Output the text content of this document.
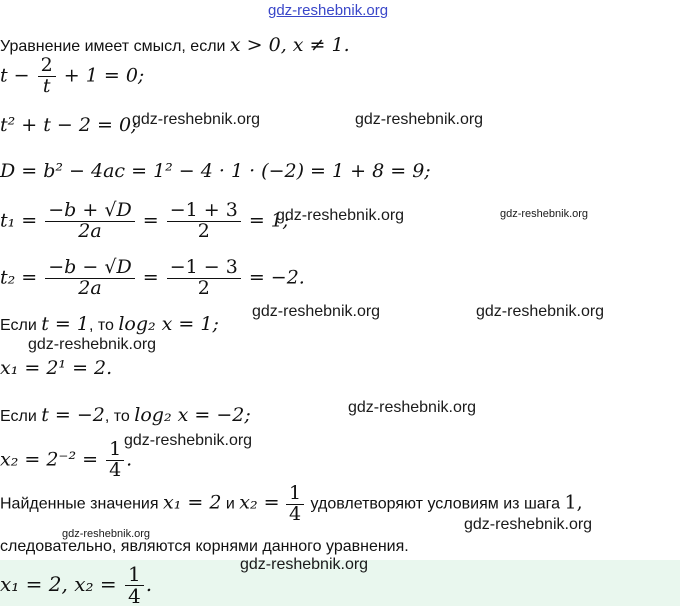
Уравнение имеет смысл, если x > 0, x ≠ 1.
$t - \frac{2}{t} + 1 = 0$;
t² + t − 2 = 0;
D = b² − 4ac = 1² − 4 · 1 · (−2) = 1 + 8 = 9;
$t_1 = \frac{-b + √D}{2a} = \frac{-1 + 3}{2} = 1$;
$t_2 = \frac{-b - √D}{2a} = \frac{-1 - 3}{2} = -2$.
Если t = 1, то log₂ x = 1;
x₁ = 2¹ = 2.
Если t = −2, то log₂ x = −2;
$x_2 = 2^{-2} = \frac{1}{4}$ .
Найденные значения x₁ = 2 и $x_2 = \frac{1}{4}$ удовлетворяют условиям из шага 1,
следовательно, являются корнями данного уравнения.
x₁ = 2, $x_2 = \frac{1}{4}$ .
gdz-reshebnik.org
gdz-reshebnik.org	gdz-reshebnik.org
gdz-reshebnik.org	gdz-reshebnik.org
gdz-reshebnik.org	gdz-reshebnik.org
gdz-reshebnik.org
gdz-reshebnik.org
gdz-reshebnik.org
gdz-reshebnik.org
gdz-reshebnik.org
gdz-reshebnik.org
